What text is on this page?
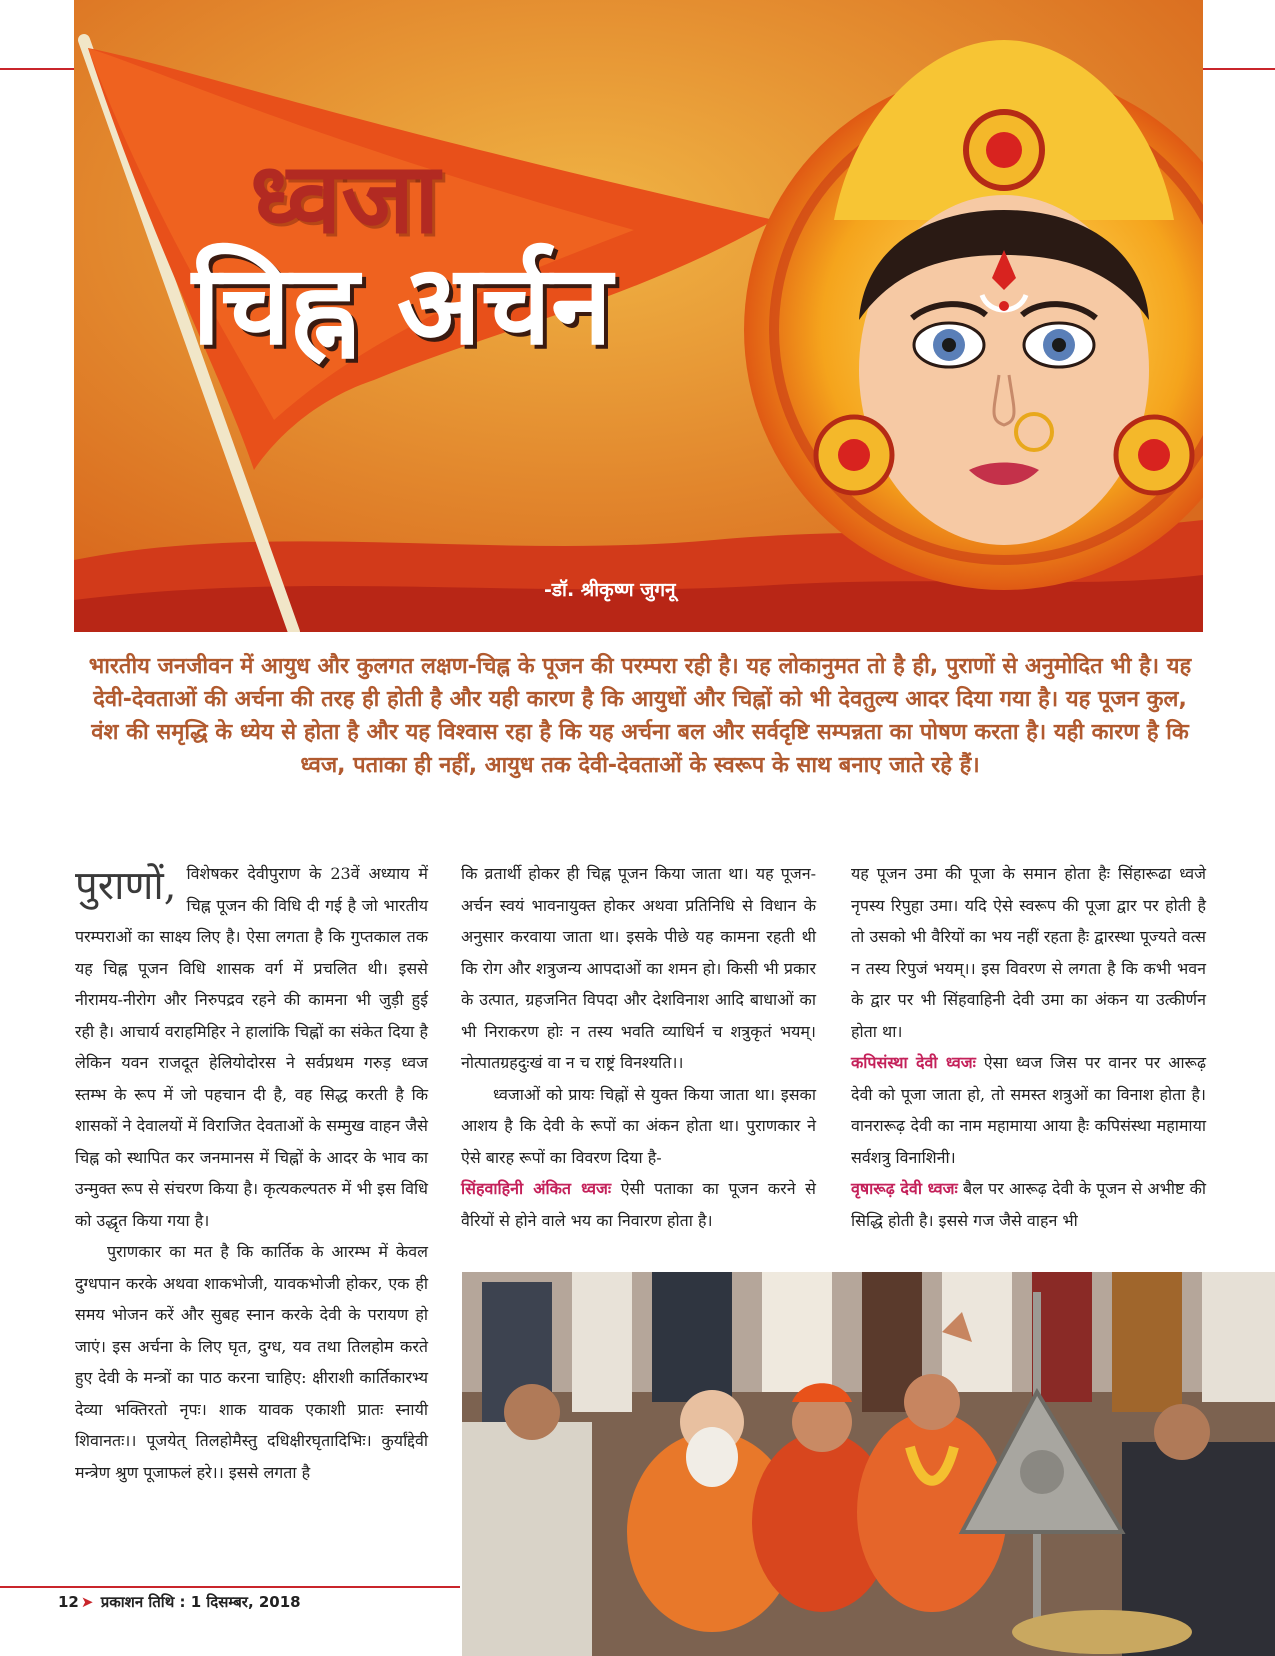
ध्वजा
चिह्न अर्चन
-डॉ. श्रीकृष्ण जुगनू

भारतीय जनजीवन में आयुध और कुलगत लक्षण-चिह्न के पूजन की परम्परा रही है। यह लोकानुमत तो है ही, पुराणों से अनुमोदित भी है। यह देवी-देवताओं की अर्चना की तरह ही होती है और यही कारण है कि आयुधों और चिह्नों को भी देवतुल्य आदर दिया गया है। यह पूजन कुल, वंश की समृद्धि के ध्येय से होता है और यह विश्वास रहा है कि यह अर्चना बल और सर्वदृष्टि सम्पन्नता का पोषण करता है। यही कारण है कि ध्वज, पताका ही नहीं, आयुध तक देवी-देवताओं के स्वरूप के साथ बनाए जाते रहे हैं।

पुराणों, विशेषकर देवीपुराण के 23वें अध्याय में चिह्न पूजन की विधि दी गई है जो भारतीय परम्पराओं का साक्ष्य लिए है। ऐसा लगता है कि गुप्तकाल तक यह चिह्न पूजन विधि शासक वर्ग में प्रचलित थी। इससे नीरामय-नीरोग और निरुपद्रव रहने की कामना भी जुड़ी हुई रही है। आचार्य वराहमिहिर ने हालांकि चिह्नों का संकेत दिया है लेकिन यवन राजदूत हेलियोदोरस ने सर्वप्रथम गरुड़ ध्वज स्तम्भ के रूप में जो पहचान दी है, वह सिद्ध करती है कि शासकों ने देवालयों में विराजित देवताओं के सम्मुख वाहन जैसे चिह्न को स्थापित कर जनमानस में चिह्नों के आदर के भाव का उन्मुक्त रूप से संचरण किया है। कृत्यकल्पतरु में भी इस विधि को उद्धृत किया गया है।

पुराणकार का मत है कि कार्तिक के आरम्भ में केवल दुग्धपान करके अथवा शाकभोजी, यावकभोजी होकर, एक ही समय भोजन करें और सुबह स्नान करके देवी के परायण हो जाएं। इस अर्चना के लिए घृत, दुग्ध, यव तथा तिलहोम करते हुए देवी के मन्त्रों का पाठ करना चाहिए: क्षीराशी कार्तिकारभ्य देव्या भक्तिरतो नृपः। शाक यावक एकाशी प्रातः स्नायी शिवानतः।। पूजयेत् तिलहोमैस्तु दधिक्षीरघृतादिभिः। कुर्यांद्देवी मन्त्रेण श्रुण पूजाफलं हरे।। इससे लगता है

कि व्रतार्थी होकर ही चिह्न पूजन किया जाता था। यह पूजन-अर्चन स्वयं भावनायुक्त होकर अथवा प्रतिनिधि से विधान के अनुसार करवाया जाता था। इसके पीछे यह कामना रहती थी कि रोग और शत्रुजन्य आपदाओं का शमन हो। किसी भी प्रकार के उत्पात, ग्रहजनित विपदा और देशविनाश आदि बाधाओं का भी निराकरण होः न तस्य भवति व्याधिर्न च शत्रुकृतं भयम्। नोत्पातग्रहदुःखं वा न च राष्ट्रं विनश्यति।।

ध्वजाओं को प्रायः चिह्नों से युक्त किया जाता था। इसका आशय है कि देवी के रूपों का अंकन होता था। पुराणकार ने ऐसे बारह रूपों का विवरण दिया है-

सिंहवाहिनी अंकित ध्वजः ऐसी पताका का पूजन करने से वैरियों से होने वाले भय का निवारण होता है।

यह पूजन उमा की पूजा के समान होता हैः सिंहारूढा ध्वजे नृपस्य रिपुहा उमा। यदि ऐसे स्वरूप की पूजा द्वार पर होती है तो उसको भी वैरियों का भय नहीं रहता हैः द्वारस्था पूज्यते वत्स न तस्य रिपुजं भयम्।। इस विवरण से लगता है कि कभी भवन के द्वार पर भी सिंहवाहिनी देवी उमा का अंकन या उत्कीर्णन होता था।

कपिसंस्था देवी ध्वजः ऐसा ध्वज जिस पर वानर पर आरूढ़ देवी को पूजा जाता हो, तो समस्त शत्रुओं का विनाश होता है। वानरारूढ़ देवी का नाम महामाया आया हैः कपिसंस्था महामाया सर्वशत्रु विनाशिनी।

वृषारूढ़ देवी ध्वजः बैल पर आरूढ़ देवी के पूजन से अभीष्ट की सिद्धि होती है। इससे गज जैसे वाहन भी

12 ➤ प्रकाशन तिथि : 1 दिसम्बर, 2018
